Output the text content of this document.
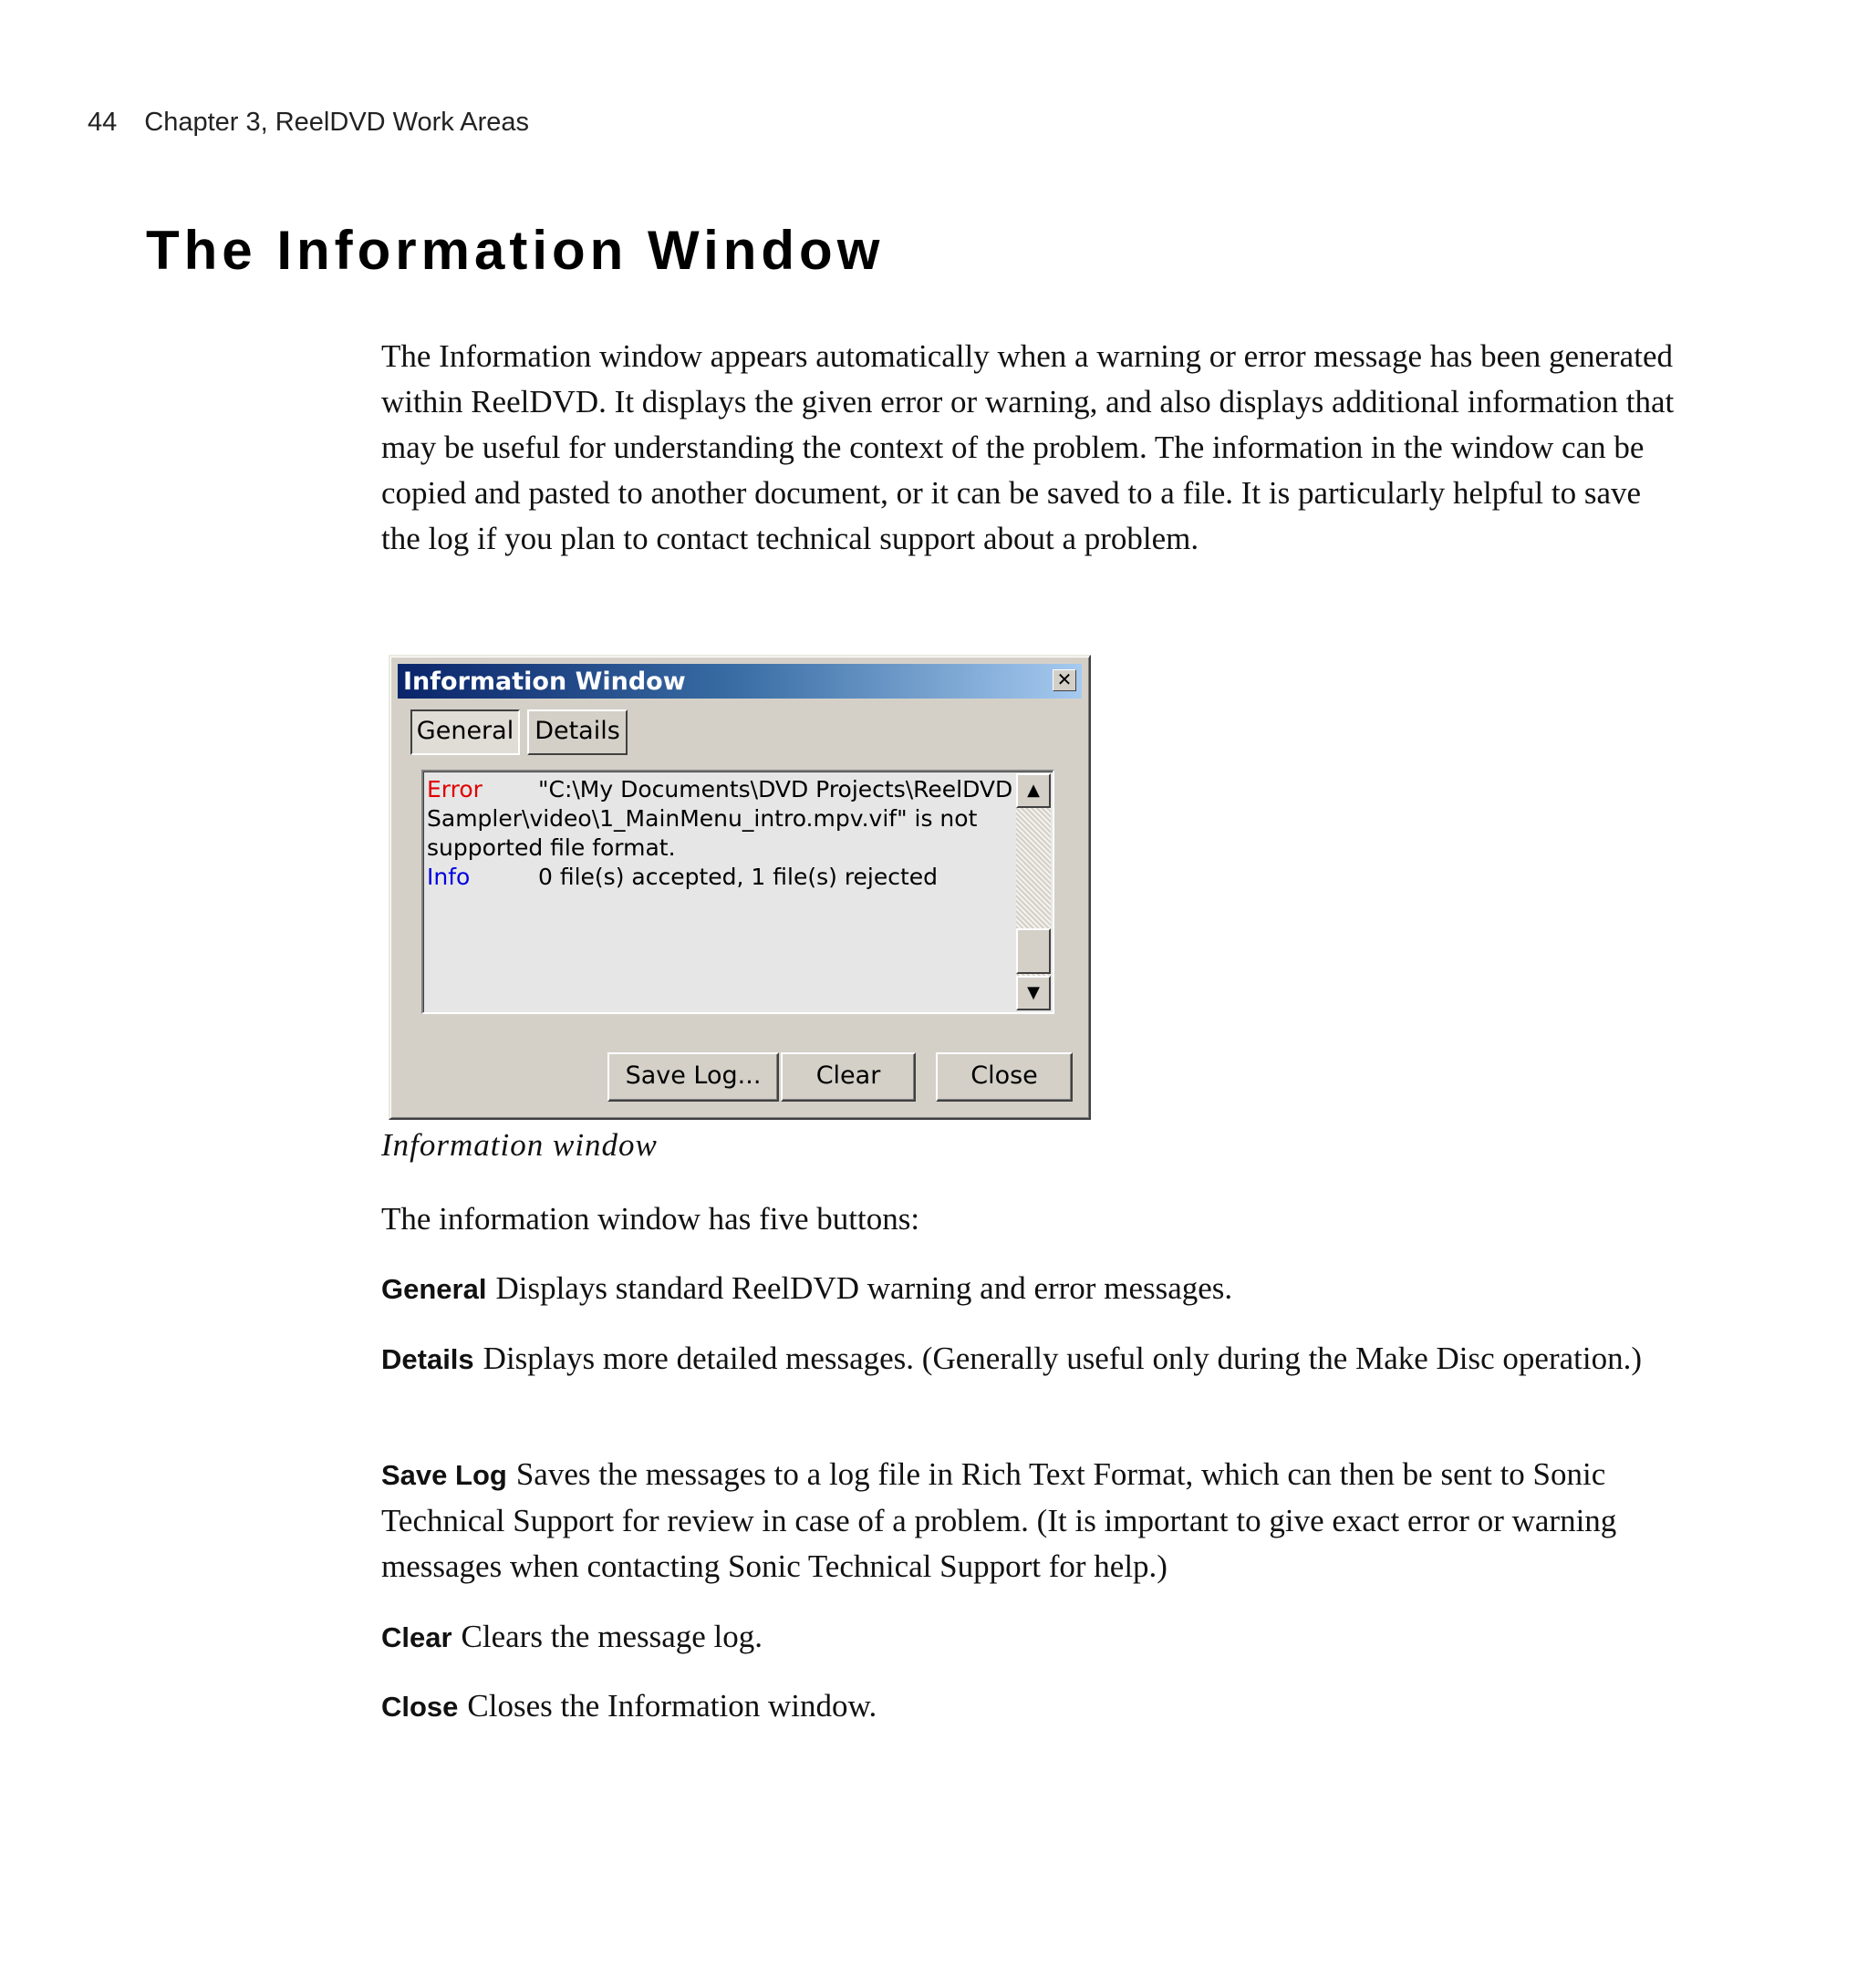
44 Chapter 3, ReelDVD Work Areas
The Information Window

The Information window appears automatically when a warning or error message has been generated within ReelDVD. It displays the given error or warning, and also displays additional information that may be useful for understanding the context of the problem. The information in the window can be copied and pasted to another document, or it can be saved to a file. It is particularly helpful to save the log if you plan to contact technical support about a problem.

Information Window	✕
General Details
Error "C:\My Documents\DVD Projects\ReelDVD
Sampler\video\1_MainMenu_intro.mpv.vif" is not
supported file format.
Info	0 file(s) accepted, 1 file(s) rejected
▲
▼
Save Log...	Clear	Close

Information window

The information window has five buttons:

General Displays standard ReelDVD warning and error messages.

Details Displays more detailed messages. (Generally useful only during the Make Disc operation.)

Save Log Saves the messages to a log file in Rich Text Format, which can then be sent to Sonic Technical Support for review in case of a problem. (It is important to give exact error or warning messages when contacting Sonic Technical Support for help.)

Clear Clears the message log.

Close Closes the Information window.
